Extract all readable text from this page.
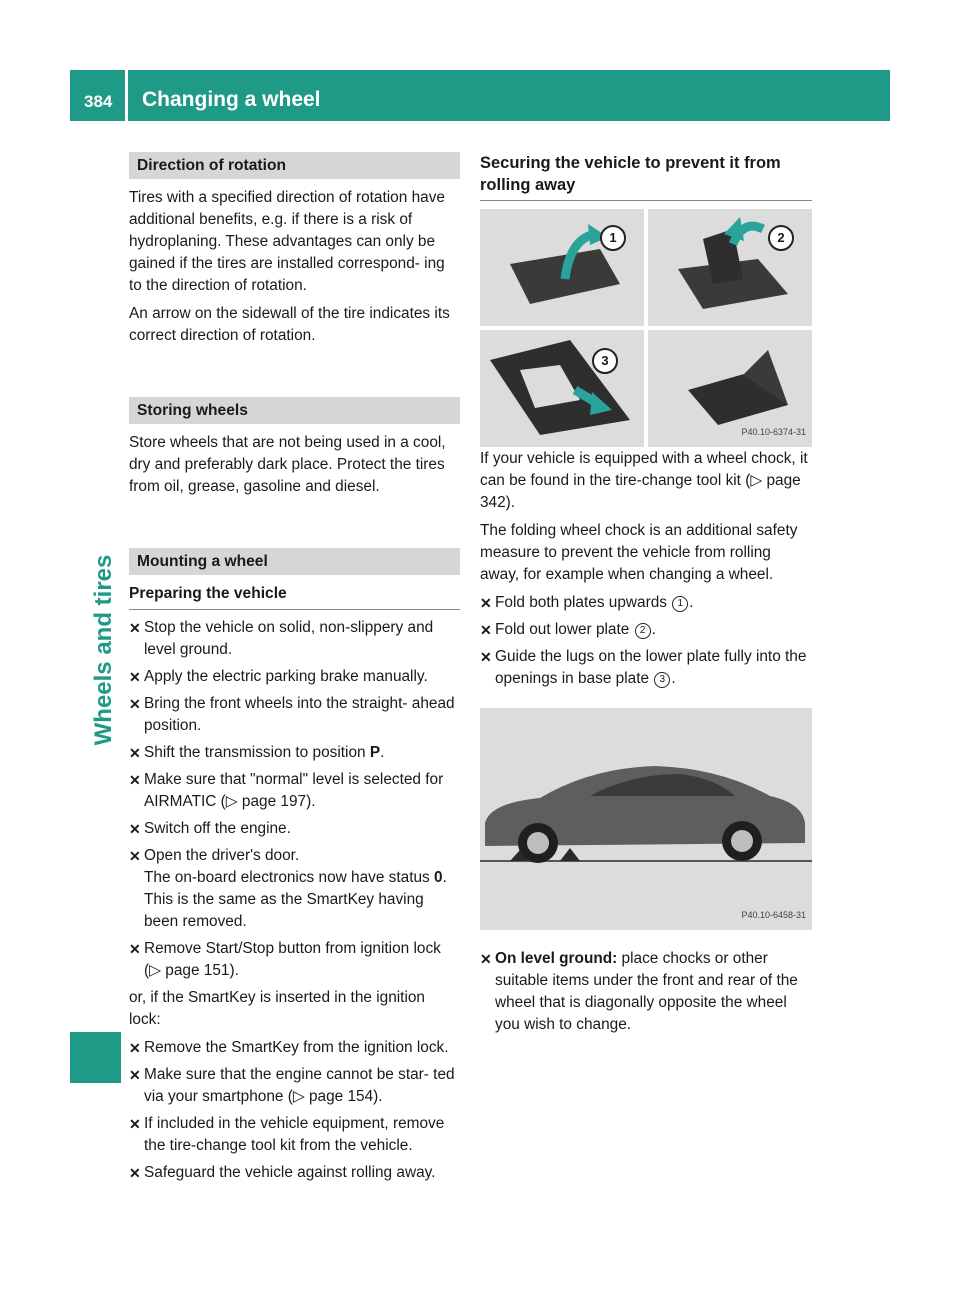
384 Changing a wheel
Wheels and tires
Direction of rotation

Tires with a specified direction of rotation have additional benefits, e.g. if there is a risk of hydroplaning. These advantages can only be gained if the tires are installed correspond- ing to the direction of rotation.

An arrow on the sidewall of the tire indicates its correct direction of rotation.

Storing wheels

Store wheels that are not being used in a cool, dry and preferably dark place. Protect the tires from oil, grease, gasoline and diesel.

Mounting a wheel
Preparing the vehicle
✕ Stop the vehicle on solid, non-slippery and level ground.
✕ Apply the electric parking brake manually.
✕ Bring the front wheels into the straight- ahead position.
✕ Shift the transmission to position P.
✕ Make sure that "normal" level is selected for AIRMATIC (▷ page 197).
✕ Switch off the engine.
✕ Open the driver's door.
The on-board electronics now have status 0. This is the same as the SmartKey having been removed.
✕ Remove Start/Stop button from ignition lock (▷ page 151).

or, if the SmartKey is inserted in the ignition lock:

✕ Remove the SmartKey from the ignition lock.
✕ Make sure that the engine cannot be star- ted via your smartphone (▷ page 154).
✕ If included in the vehicle equipment, remove the tire-change tool kit from the vehicle.
✕ Safeguard the vehicle against rolling away.
Securing the vehicle to prevent it from rolling away
1	2
3
P40.10-6374-31

If your vehicle is equipped with a wheel chock, it can be found in the tire-change tool kit (▷ page 342).

The folding wheel chock is an additional safety measure to prevent the vehicle from rolling away, for example when changing a wheel.

✕ Fold both plates upwards 1 .
✕ Fold out lower plate 2 .
✕ Guide the lugs on the lower plate fully into the openings in base plate 3 .
P40.10-6458-31
✕ On level ground: place chocks or other suitable items under the front and rear of the wheel that is diagonally opposite the wheel you wish to change.
